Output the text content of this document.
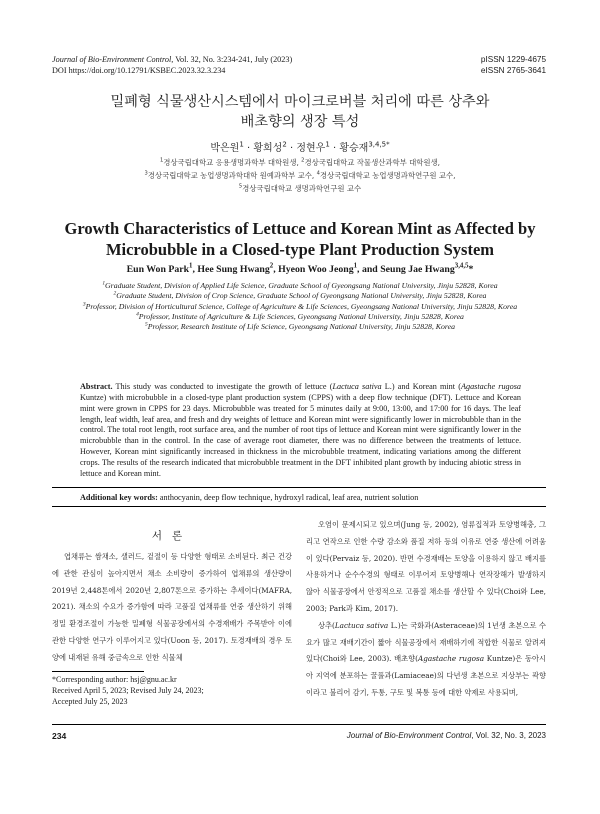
Journal of Bio-Environment Control, Vol. 32, No. 3:234-241, July (2023)
DOI https://doi.org/10.12791/KSBEC.2023.32.3.234
pISSN 1229-4675
eISSN 2765-3641
밀폐형 식물생산시스템에서 마이크로버블 처리에 따른 상추와
배초향의 생장 특성
박은원$^1$ · 황희성$^2$ · 정현우$^1$ · 황승재$^{3,4,5*}$
$^1$경상국립대학교 응용생명과학부 대학원생, $^2$경상국립대학교 작물생산과학부 대학원생,
$^3$경상국립대학교 농업생명과학대학 원예과학부 교수, $^4$경상국립대학교 농업생명과학연구원 교수,
$^5$경상국립대학교 생명과학연구원 교수
Growth Characteristics of Lettuce and Korean Mint as Affected by
Microbubble in a Closed-type Plant Production System
Eun Won Park$^1$, Hee Sung Hwang$^2$, Hyeon Woo Jeong$^1$, and Seung Jae Hwang$^{3,4,5}$*
$^1$Graduate Student, Division of Applied Life Science, Graduate School of Gyeongsang National University, Jinju 52828, Korea
$^2$Graduate Student, Division of Crop Science, Graduate School of Gyeongsang National University, Jinju 52828, Korea
$^3$Professor, Division of Horticultural Science, College of Agriculture & Life Sciences, Gyeongsang National University, Jinju 52828, Korea
$^4$Professor, Institute of Agriculture & Life Sciences, Gyeongsang National University, Jinju 52828, Korea
$^5$Professor, Research Institute of Life Science, Gyeongsang National University, Jinju 52828, Korea
Abstract. This study was conducted to investigate the growth of lettuce (Lactuca sativa L.) and Korean mint (Agastache rugosa Kuntze) with microbubble in a closed-type plant production system (CPPS) with a deep flow technique (DFT). Lettuce and Korean mint were grown in CPPS for 23 days. Microbubble was treated for 5 minutes daily at 9:00, 13:00, and 17:00 for 16 days. The leaf length, leaf width, leaf area, and fresh and dry weights of lettuce and Korean mint were significantly lower in microbubble than in the control. The total root length, root surface area, and the number of root tips of lettuce and Korean mint were significantly lower in the microbubble than in the control. In the case of average root diameter, there was no difference between the treatments of lettuce. However, Korean mint significantly increased in thickness in the microbubble treatment, indicating variations among the different crops. The results of the research indicated that microbubble treatment in the DFT inhibited plant growth by inducing abiotic stress in lettuce and Korean mint.
Additional key words: anthocyanin, deep flow technique, hydroxyl radical, leaf area, nutrient solution
서론

엽채류는 쌈채소, 샐러드, 겉절이 등 다양한 형태로 소비된다. 최근 건강에 관한 관심이 높아지면서 채소 소비량이 증가하여 엽채류의 생산량이 2019년 2,448톤에서 2020년 2,807톤으로 증가하는 추세이다(MAFRA, 2021). 채소의 수요가 증가함에 따라 고품질 엽채류를 연중 생산하기 위해 정밀 환경조절이 가능한 밀폐형 식물공장에서의 수경재배가 주목받아 이에 관한 다양한 연구가 이루어지고 있다(Uoon 등, 2017). 토경재배의 경우 토양에 내재된 유해 중금속으로 인한 식물체

오염이 문제시되고 있으며(Jung 등, 2002), 염류집적과 토양병해충, 그리고 연작으로 인한 수량 감소와 품질 저하 등의 이유로 연중 생산에 어려움이 있다(Pervaiz 등, 2020). 반면 수경재배는 토양을 이용하지 않고 배지를 사용하거나 순수수경의 형태로 이루어져 토양병해나 연작장해가 발생하지 않아 식물공장에서 안정적으로 고품질 채소를 생산할 수 있다(Choi와 Lee, 2003; Park과 Kim, 2017).

상추(Lactuca sativa L.)는 국화과(Asteraceae)의 1년생 초본으로 수요가 많고 재배기간이 짧아 식물공장에서 재배하기에 적합한 식물로 알려져 있다(Choi와 Lee, 2003). 배초향(Agastache rugosa Kuntze)은 동아시아 지역에 분포하는 꿀풀과(Lamiaceae)의 다년생 초본으로 지상부는 곽향이라고 불리어 감기, 두통, 구토 및 복통 등에 대한 약제로 사용되며,

*Corresponding author: hsj@gnu.ac.kr
Received April 5, 2023; Revised July 24, 2023;
Accepted July 25, 2023
234	Journal of Bio-Environment Control, Vol. 32, No. 3, 2023
